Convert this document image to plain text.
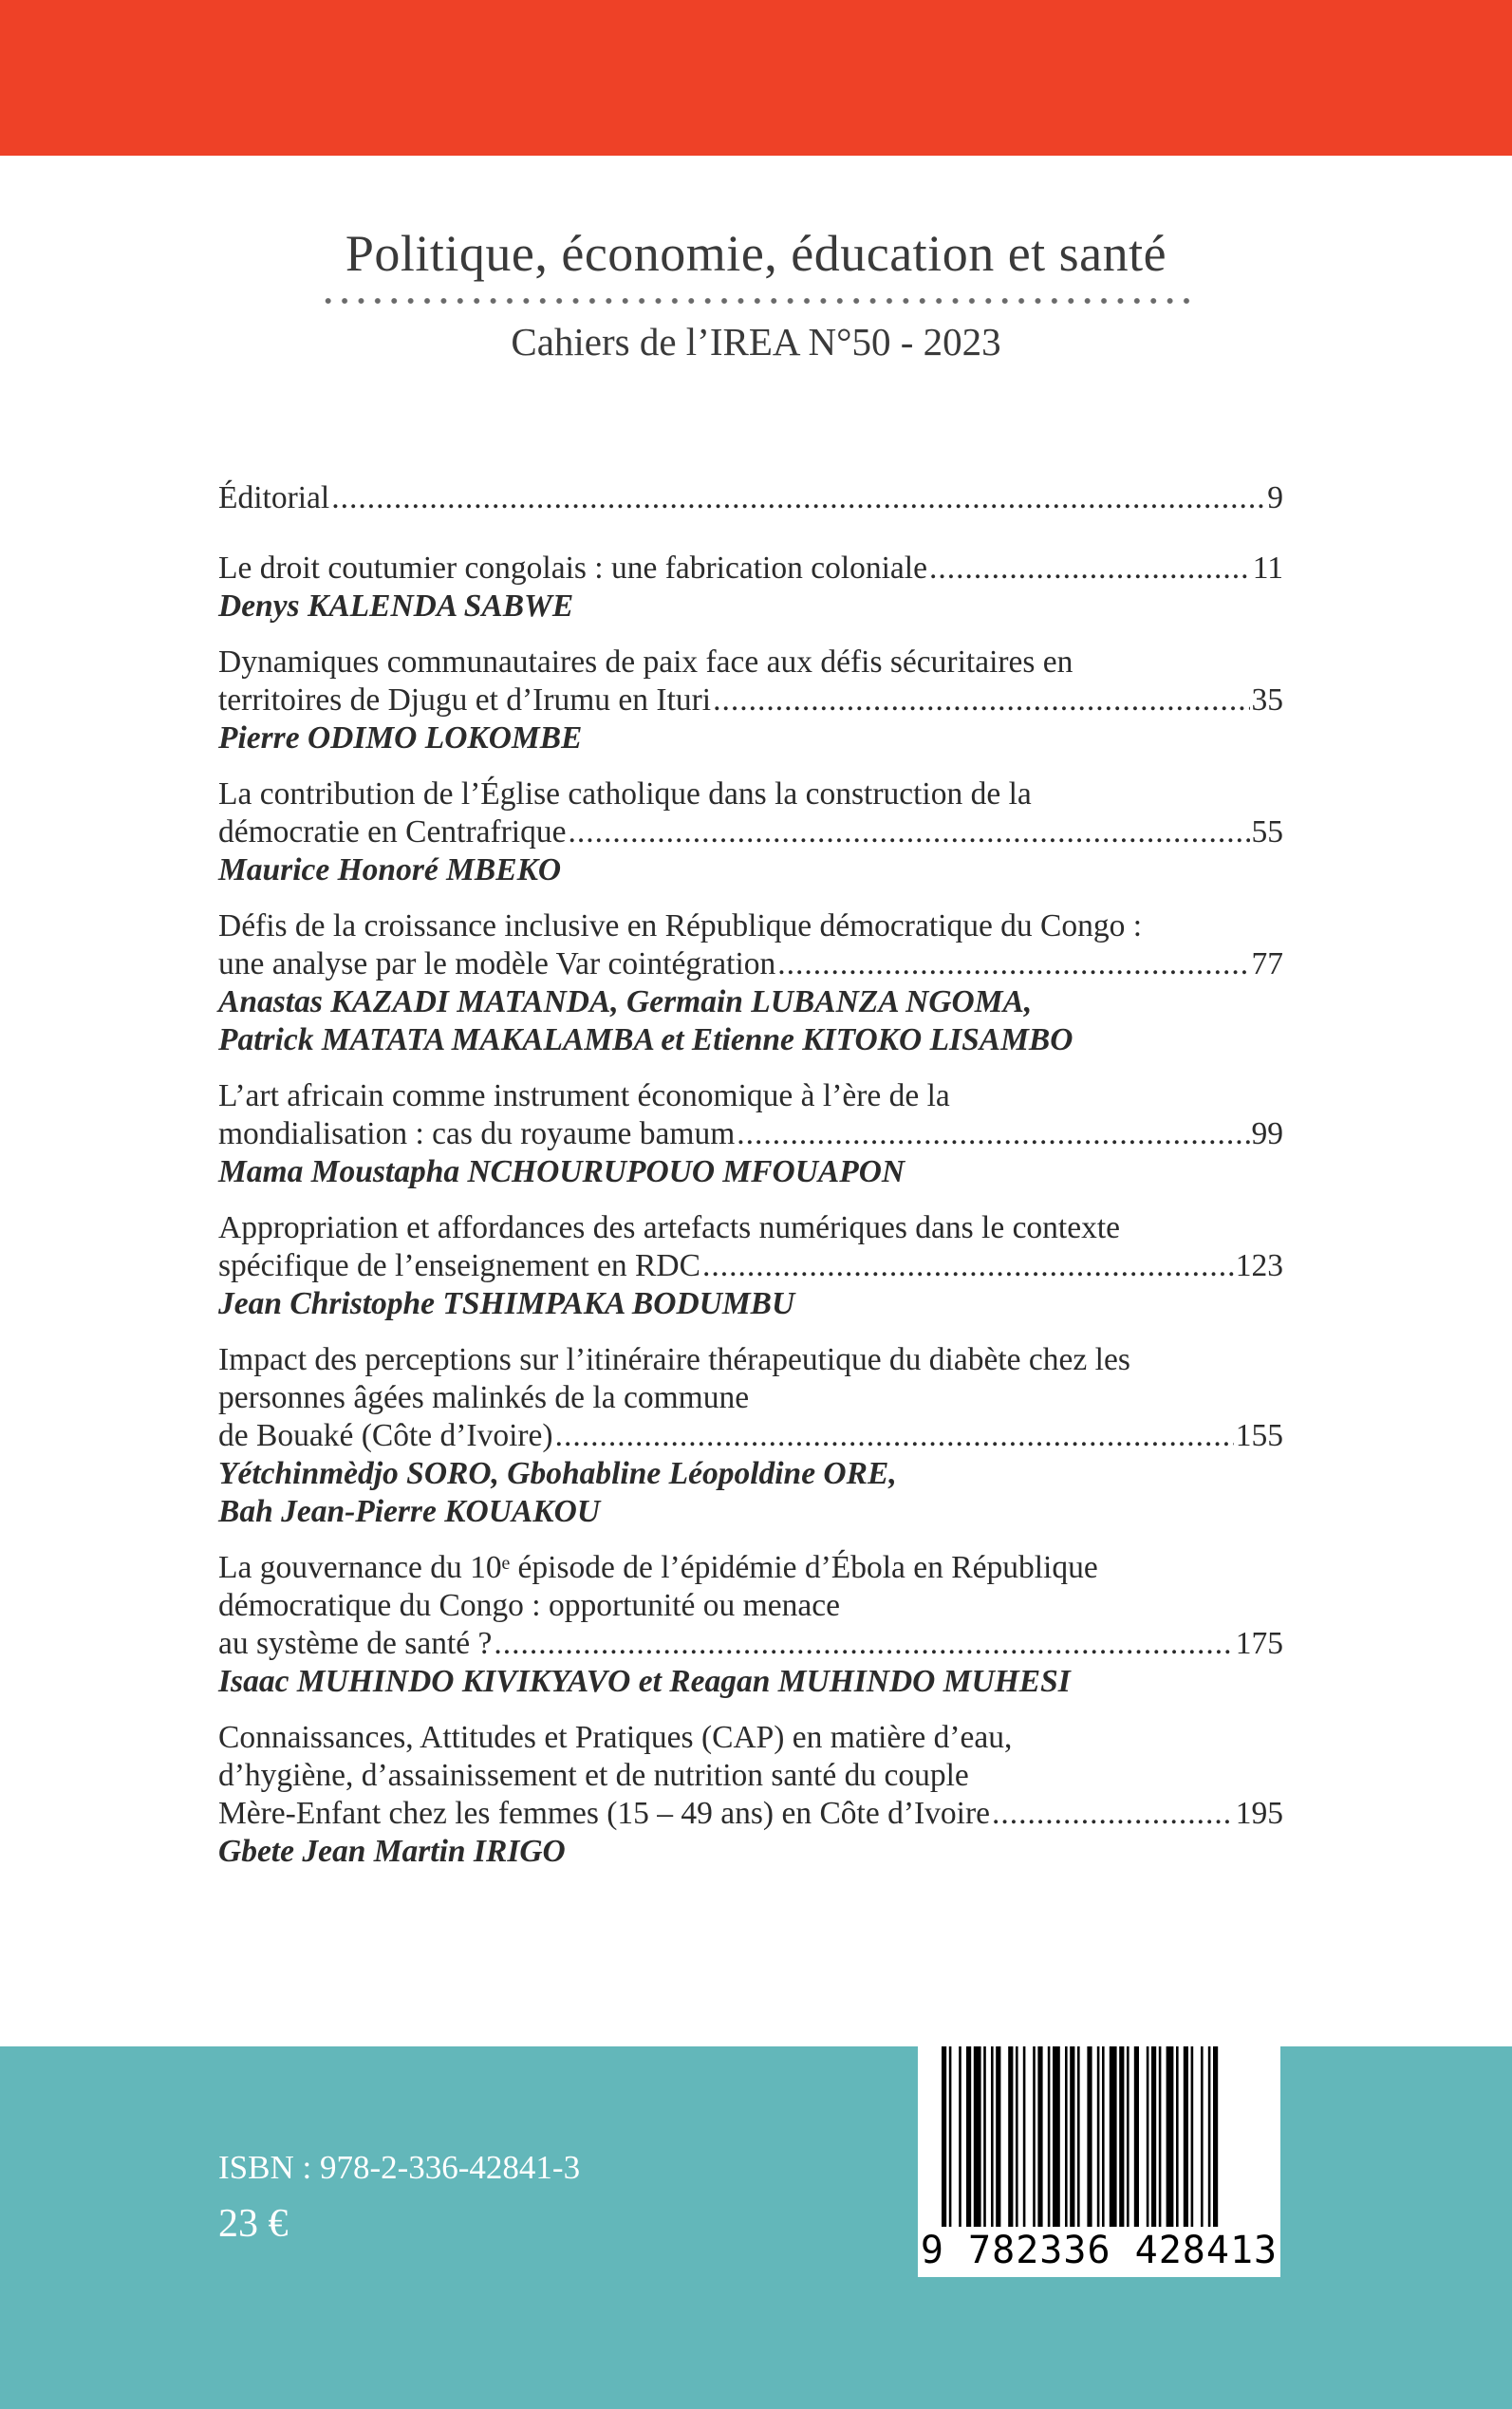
Politique, économie, éducation et santé
Cahiers de l’IREA N°50 - 2023
Éditorial .....	9
Le droit coutumier congolais : une fabrication coloniale .....	11
Denys KALENDA SABWE
Dynamiques communautaires de paix face aux défis sécuritaires en
territoires de Djugu et d’Irumu en Ituri .....	35
Pierre ODIMO LOKOMBE
La contribution de l’Église catholique dans la construction de la
démocratie en Centrafrique .....	55
Maurice Honoré MBEKO
Défis de la croissance inclusive en République démocratique du Congo :
une analyse par le modèle Var cointégration .....	77
Anastas KAZADI MATANDA, Germain LUBANZA NGOMA,
Patrick MATATA MAKALAMBA et Etienne KITOKO LISAMBO
L’art africain comme instrument économique à l’ère de la
mondialisation : cas du royaume bamum .....	99
Mama Moustapha NCHOURUPOUO MFOUAPON
Appropriation et affordances des artefacts numériques dans le contexte
spécifique de l’enseignement en RDC .....	123
Jean Christophe TSHIMPAKA BODUMBU
Impact des perceptions sur l’itinéraire thérapeutique du diabète chez les
personnes âgées malinkés de la commune
de Bouaké (Côte d’Ivoire) .....	155
Yétchinmèdjo SORO, Gbohabline Léopoldine ORE,
Bah Jean-Pierre KOUAKOU
La gouvernance du 10ᵉ épisode de l’épidémie d’Ébola en République
démocratique du Congo : opportunité ou menace
au système de santé ? .....	175
Isaac MUHINDO KIVIKYAVO et Reagan MUHINDO MUHESI
Connaissances, Attitudes et Pratiques (CAP) en matière d’eau,
d’hygiène, d’assainissement et de nutrition santé du couple
Mère-Enfant chez les femmes (15 – 49 ans) en Côte d’Ivoire .....	195
Gbete Jean Martin IRIGO
ISBN : 978-2-336-42841-3
23 €
9 782336 428413
